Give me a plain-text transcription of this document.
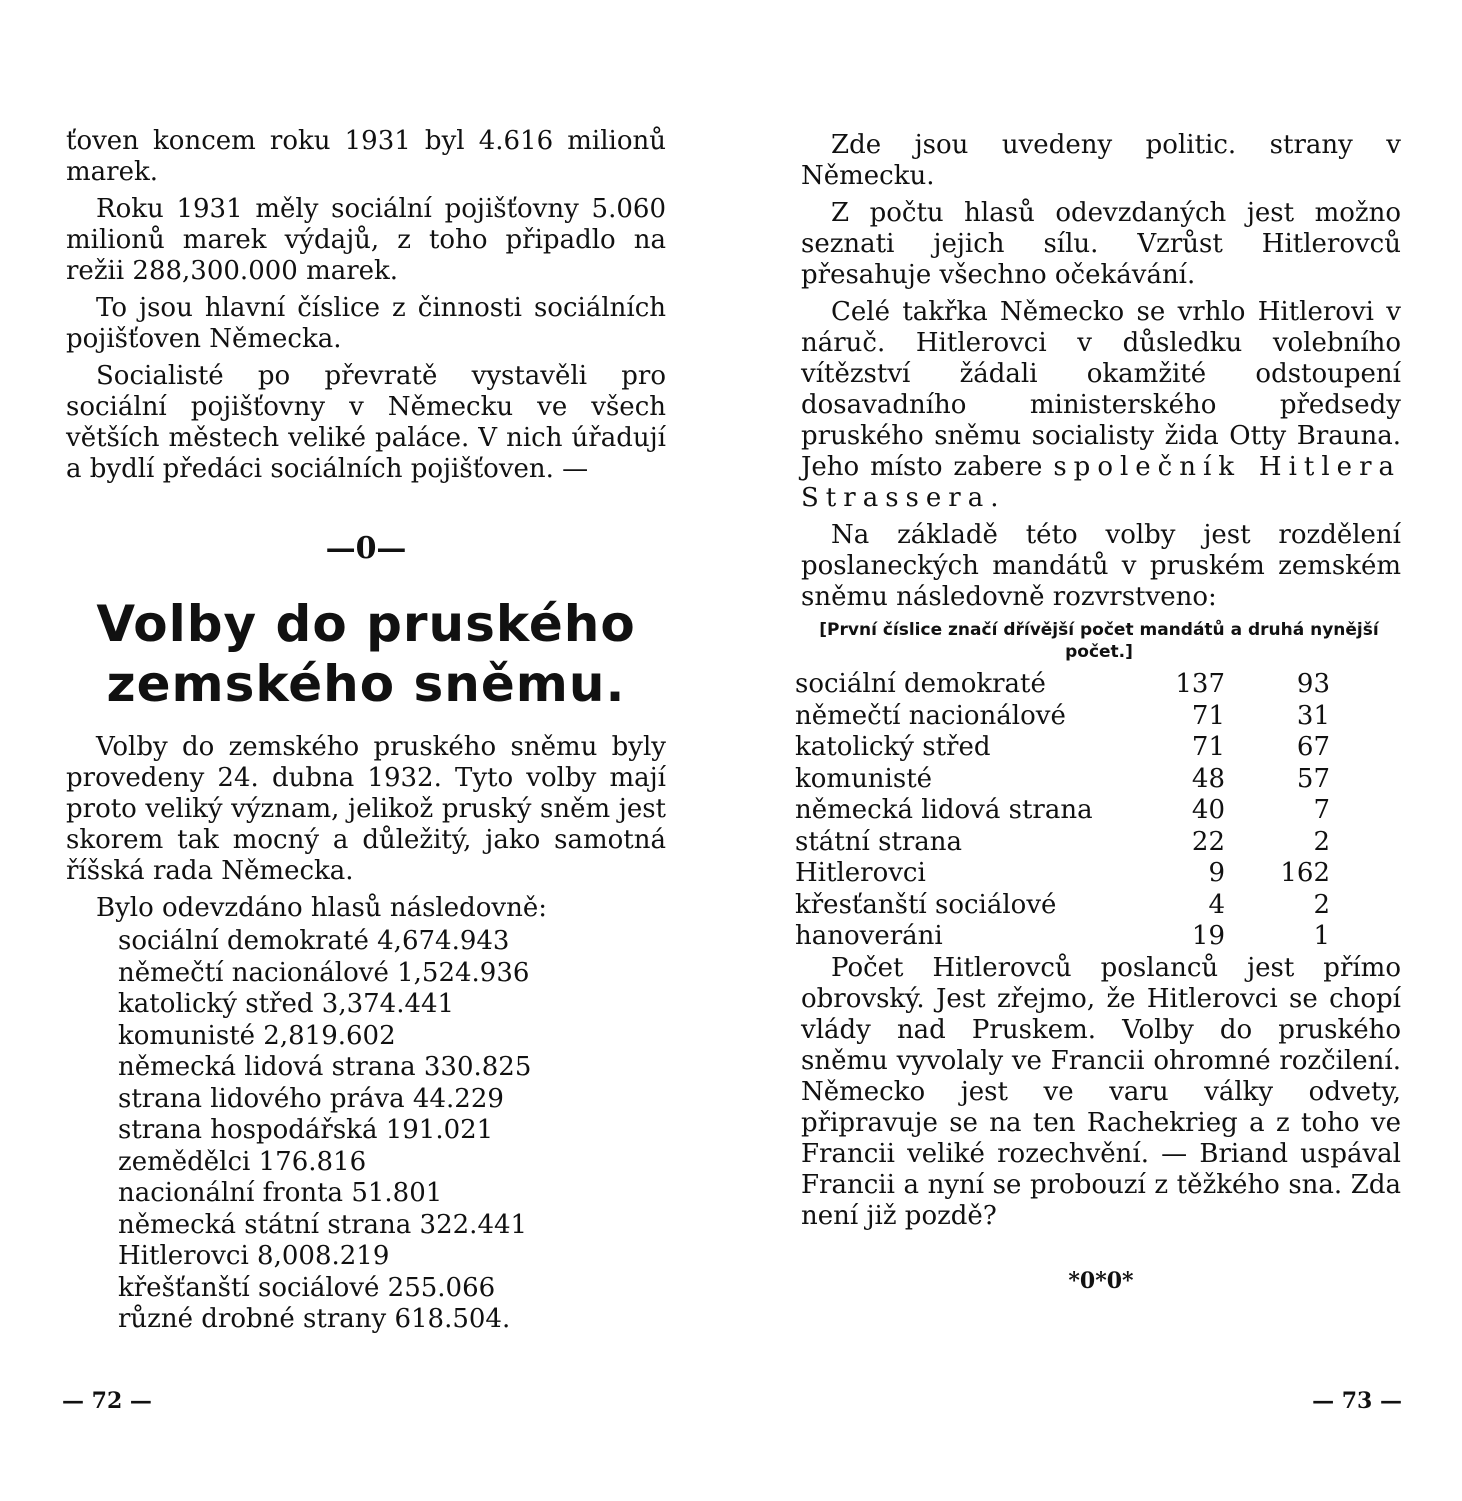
ťoven koncem roku 1931 byl 4.616 milionů marek.

Roku 1931 měly sociální pojišťovny 5.060 milionů marek výdajů, z toho připadlo na režii 288,300.000 marek.

To jsou hlavní číslice z činnosti sociálních pojišťoven Německa.

Socialisté po převratě vystavěli pro sociální pojišťovny v Německu ve všech větších městech veliké paláce. V nich úřadují a bydlí předáci sociálních pojišťoven. —

—0—
Volby do pruského
zemského sněmu.

Volby do zemského pruského sněmu byly provedeny 24. dubna 1932. Tyto volby mají proto veliký význam, jelikož pruský sněm jest skorem tak mocný a důležitý, jako samotná říšská rada Německa.

Bylo odevzdáno hlasů následovně:

sociální demokraté 4,674.943
němečtí nacionálové 1,524.936
katolický střed 3,374.441
komunisté 2,819.602
německá lidová strana 330.825
strana lidového práva 44.229
strana hospodářská 191.021
zemědělci 176.816
nacionální fronta 51.801
německá státní strana 322.441
Hitlerovci 8,008.219
křešťanští sociálové 255.066
různé drobné strany 618.504.
— 72 —

Zde jsou uvedeny politic. strany v Německu.

Z počtu hlasů odevzdaných jest možno seznati jejich sílu. Vzrůst Hitlerovců přesahuje všechno očekávání.

Celé takřka Německo se vrhlo Hitlerovi v náruč. Hitlerovci v důsledku volebního vítězství žádali okamžité odstoupení dosavadního ministerského předsedy pruského sněmu socialisty žida Otty Brauna. Jeho místo zabere společník Hitlera Strassera.

Na základě této volby jest rozdělení poslaneckých mandátů v pruském zemském sněmu následovně rozvrstveno:

[První číslice značí dřívější počet mandátů a druhá nynější počet.]
sociální demokraté	137	93
němečtí nacionálové	71	31
katolický střed	71	67
komunisté	48	57
německá lidová strana	40	7
státní strana	22	2
Hitlerovci	9	162
křesťanští sociálové	4	2
hanoveráni	19	1

Počet Hitlerovců poslanců jest přímo obrovský. Jest zřejmo, že Hitlerovci se chopí vlády nad Pruskem. Volby do pruského sněmu vyvolaly ve Francii ohromné rozčilení. Německo jest ve varu války odvety, připravuje se na ten Rachekrieg a z toho ve Francii veliké rozechvění. — Briand uspával Francii a nyní se probouzí z těžkého sna. Zda není již pozdě?

*0*0*
— 73 —
